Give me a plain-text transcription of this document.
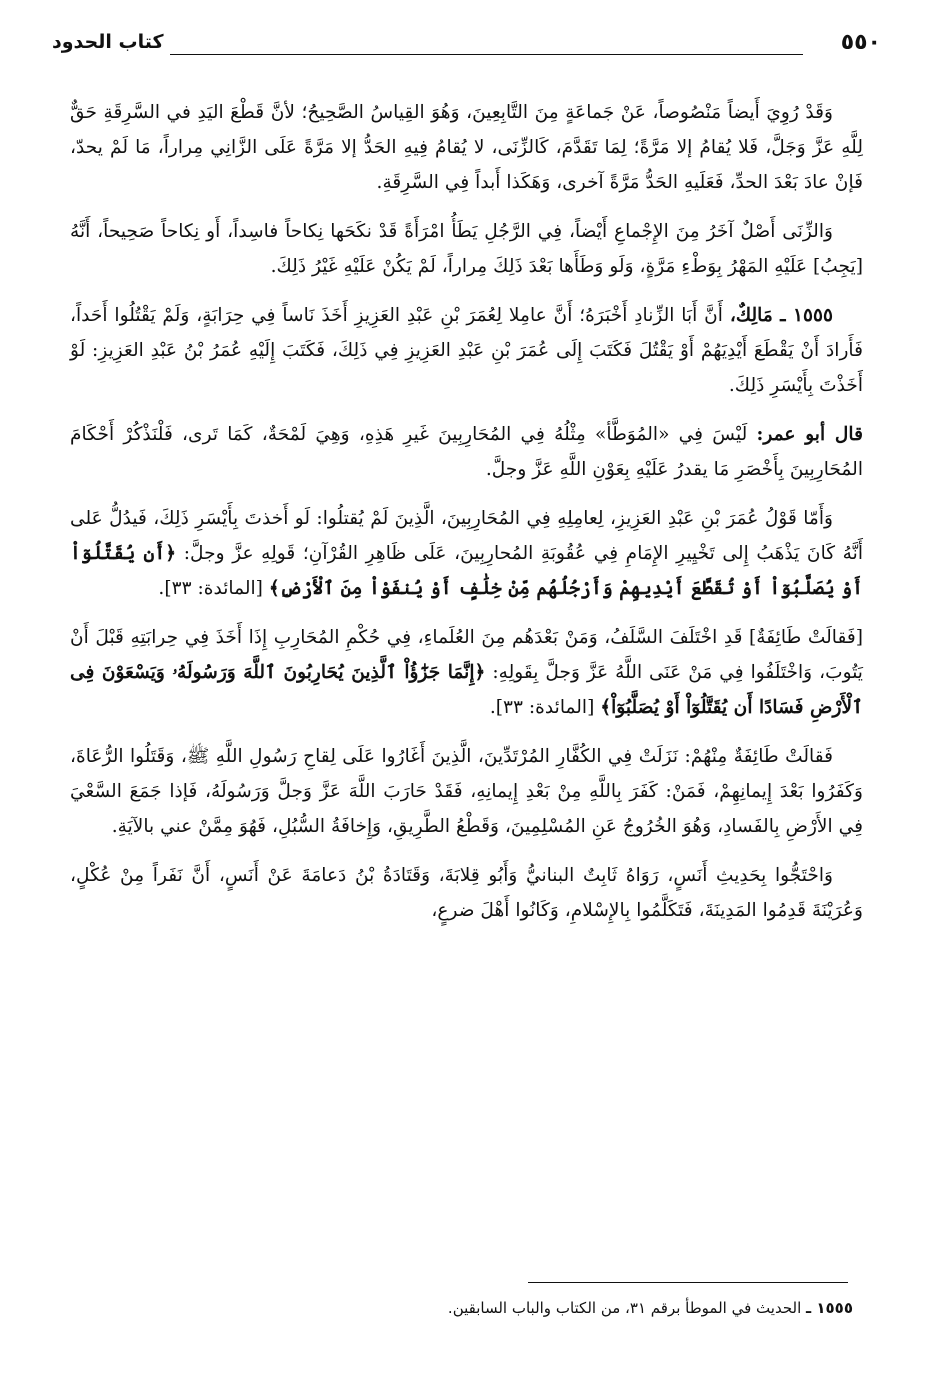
٥٥٠
كتاب الحدود

وَقَدْ رُوِيَ أَيضاً مَنْصُوصاً، عَنْ جَماعَةٍ مِنَ التَّابِعِينَ، وَهُوَ القِياسُ الصَّحِيحُ؛ لأنَّ قَطْعَ اليَدِ في السَّرِقَةِ حَقٌّ لِلَّهِ عَزَّ وَجَلَّ، فَلا يُقامُ إلا مَرَّةً؛ لِمَا تَقَدَّمَ، كَالزِّنَى، لا يُقامُ فِيهِ الحَدُّ إلا مَرَّةً عَلَى الزَّانِي مِراراً، مَا لَمْ يحدّ، فَإنْ عادَ بَعْدَ الحدِّ، فَعَلَيهِ الحَدُّ مَرَّةً آخرى، وَهَكَذا أَبداً فِي السَّرِقَةِ.

وَالزِّنَى أَصْلٌ آخَرُ مِنَ الإِجْماعِ أَيْضاً، فِي الرَّجُلِ يَطَأُ امْرَأَةً قَدْ نكَحَها نِكاحاً فاسِداً، أَو نِكاحاً صَحِيحاً، أَنَّهُ [يَجِبُ] عَلَيْهِ المَهْرُ بِوَطْءِ مَرَّةٍ، وَلَو وَطَأَها بَعْدَ ذَلِكَ مِراراً، لَمْ يَكُنْ عَلَيْهِ غَيْرُ ذَلِكَ.

١٥٥٥ ـ مَالِكٌ، أَنَّ أَبَا الزِّنادِ أَخْبَرَهُ؛ أَنَّ عامِلا لِعُمَرَ بْنِ عَبْدِ العَزِيزِ أَخَذَ نَاساً فِي حِرَابَةٍ، وَلَمْ يَقْتُلُوا أَحَداً، فَأَرادَ أَنْ يَقْطَعَ أَيْدِيَهُمْ أَوْ يَقْتُلَ فَكَتَبَ إِلَى عُمَرَ بْنِ عَبْدِ العَزِيزِ فِي ذَلِكَ، فَكَتَبَ إِلَيْهِ عُمَرُ بْنُ عَبْدِ العَزِيزِ: لَوْ أَخَذْتَ بِأَيْسَرِ ذَلِكَ.

قال أبو عمر: لَيْسَ فِي «المُوَطَّأ» مِثْلُهُ فِي المُحَارِبِينَ غَيرِ هَذِهِ، وَهِيَ لَمْحَةٌ، كَمَا تَرى، فَلْنَذْكُرْ أَحْكَامَ المُحَارِبِينَ بِأَخْصَرِ مَا يقدرُ عَلَيْهِ بِعَوْنِ اللَّهِ عَزَّ وجلَّ.

وَأَمّا قَوْلُ عُمَرَ بْنِ عَبْدِ العَزِيزِ، لِعامِلِهِ فِي المُحَارِبِينَ، الَّذِينَ لَمْ يُقتلُوا: لَو أَخذتَ بِأَيْسَرِ ذَلِكَ، فَيدُلُّ عَلى أَنَّهُ كَانَ يَذْهَبُ إِلى تَخْيِيرِ الإِمَامِ فِي عُقُوبَةِ المُحارِبِينَ، عَلَى ظَاهِرِ القُرْآنِ؛ قَولِهِ عزَّ وجلَّ: ﴿أَن يُقَتَّلُوٓاْ أَوْ يُصَلَّبُوٓاْ أَوْ تُقَطَّعَ أَيْدِيهِمْ وَأَرْجُلُهُم مِّنْ خِلَٰفٍ أَوْ يُنفَوْاْ مِنَ ٱلْأَرْضِ﴾ [المائدة: ٣٣].

[فَقالَتْ طَائِفَةٌ] قَدِ اخْتَلَفَ السَّلَفُ، وَمَنْ بَعْدَهُم مِنَ العُلَماءِ، فِي حُكْمِ المُحَارِبِ إِذَا أَخَذَ فِي حِرابَتِهِ قَبْلَ أَنْ يَتُوبَ، وَاخْتَلَفُوا فِي مَنْ عَنَى اللَّهُ عَزَّ وَجلَّ بِقَولِهِ: ﴿إِنَّمَا جَزَٰٓؤُاْ ٱلَّذِينَ يُحَارِبُونَ ٱللَّهَ وَرَسُولَهُۥ وَيَسْعَوْنَ فِى ٱلْأَرْضِ فَسَادًا أَن يُقَتَّلُوٓاْ أَوْ يُصَلَّبُوٓاْ﴾ [المائدة: ٣٣].

فَقالَتْ طَائِفَةٌ مِنْهُمْ: نَزَلَتْ فِي الكُفَّارِ المُرْتَدِّينَ، الَّذِينَ أَغَارُوا عَلَى لِقاحِ رَسُولِ اللَّهِ ﷺ، وَقَتَلُوا الرُّعَاةَ، وَكَفَرُوا بَعْدَ إِيمانِهِمْ، فَمَنْ: كَفَرَ بِاللَّهِ مِنْ بَعْدِ إِيمانِهِ، فَقَدْ حَارَبَ اللَّهَ عَزَّ وَجلَّ وَرَسُولَهُ، فَإذا جَمَعَ السَّعْيَ فِي الأَرْضِ بِالفَسادِ، وَهُوَ الخُرُوجُ عَنِ المُسْلِمِينَ، وَقَطْعُ الطَّرِيقِ، وَإِخافَةُ السُّبُلِ، فَهُوَ مِمَّنْ عني بالآيَةِ.

وَاحْتَجُّوا بِحَدِيثِ أَنَسٍ، رَوَاهُ ثَابِتٌ البنانيُّ وَأَبُو قِلابَةَ، وَقَتَادَةُ بْنُ دَعامَةَ عَنْ أَنَسٍ، أَنَّ نَفَراً مِنْ عُكْلٍ، وَعُرَيْنَةَ قَدِمُوا المَدِينَةَ، فَتَكَلَّمُوا بِالإِسْلامِ، وَكَانُوا أَهْلَ ضرعٍ،

١٥٥٥ ـ الحديث في الموطأ برقم ٣١، من الكتاب والباب السابقين.
